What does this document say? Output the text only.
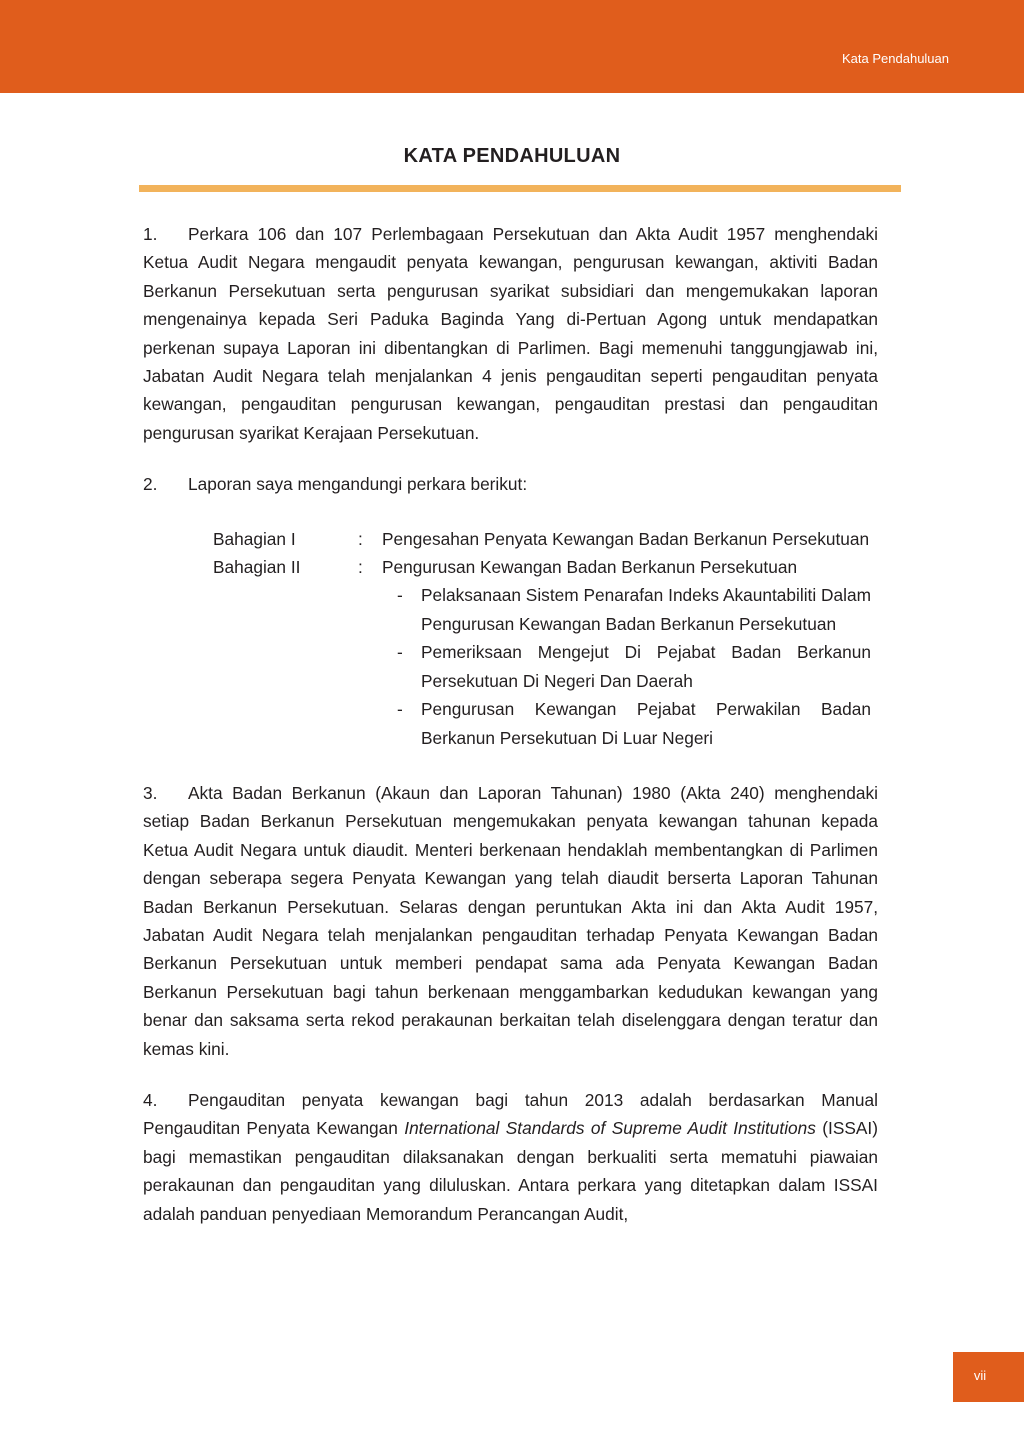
Kata Pendahuluan
KATA PENDAHULUAN

1. Perkara 106 dan 107 Perlembagaan Persekutuan dan Akta Audit 1957 menghendaki Ketua Audit Negara mengaudit penyata kewangan, pengurusan kewangan, aktiviti Badan Berkanun Persekutuan serta pengurusan syarikat subsidiari dan mengemukakan laporan mengenainya kepada Seri Paduka Baginda Yang di-Pertuan Agong untuk mendapatkan perkenan supaya Laporan ini dibentangkan di Parlimen. Bagi memenuhi tanggungjawab ini, Jabatan Audit Negara telah menjalankan 4 jenis pengauditan seperti pengauditan penyata kewangan, pengauditan pengurusan kewangan, pengauditan prestasi dan pengauditan pengurusan syarikat Kerajaan Persekutuan.

2. Laporan saya mengandungi perkara berikut:

Bahagian I	:	Pengesahan Penyata Kewangan Badan Berkanun Persekutuan
Bahagian II	:	Pengurusan Kewangan Badan Berkanun Persekutuan
-	Pelaksanaan Sistem Penarafan Indeks Akauntabiliti Dalam Pengurusan Kewangan Badan Berkanun Persekutuan
-	Pemeriksaan Mengejut Di Pejabat Badan Berkanun Persekutuan Di Negeri Dan Daerah
-	Pengurusan Kewangan Pejabat Perwakilan Badan Berkanun Persekutuan Di Luar Negeri

3. Akta Badan Berkanun (Akaun dan Laporan Tahunan) 1980 (Akta 240) menghendaki setiap Badan Berkanun Persekutuan mengemukakan penyata kewangan tahunan kepada Ketua Audit Negara untuk diaudit. Menteri berkenaan hendaklah membentangkan di Parlimen dengan seberapa segera Penyata Kewangan yang telah diaudit berserta Laporan Tahunan Badan Berkanun Persekutuan. Selaras dengan peruntukan Akta ini dan Akta Audit 1957, Jabatan Audit Negara telah menjalankan pengauditan terhadap Penyata Kewangan Badan Berkanun Persekutuan untuk memberi pendapat sama ada Penyata Kewangan Badan Berkanun Persekutuan bagi tahun berkenaan menggambarkan kedudukan kewangan yang benar dan saksama serta rekod perakaunan berkaitan telah diselenggara dengan teratur dan kemas kini.

4. Pengauditan penyata kewangan bagi tahun 2013 adalah berdasarkan Manual Pengauditan Penyata Kewangan International Standards of Supreme Audit Institutions (ISSAI) bagi memastikan pengauditan dilaksanakan dengan berkualiti serta mematuhi piawaian perakaunan dan pengauditan yang diluluskan. Antara perkara yang ditetapkan dalam ISSAI adalah panduan penyediaan Memorandum Perancangan Audit,

vii
